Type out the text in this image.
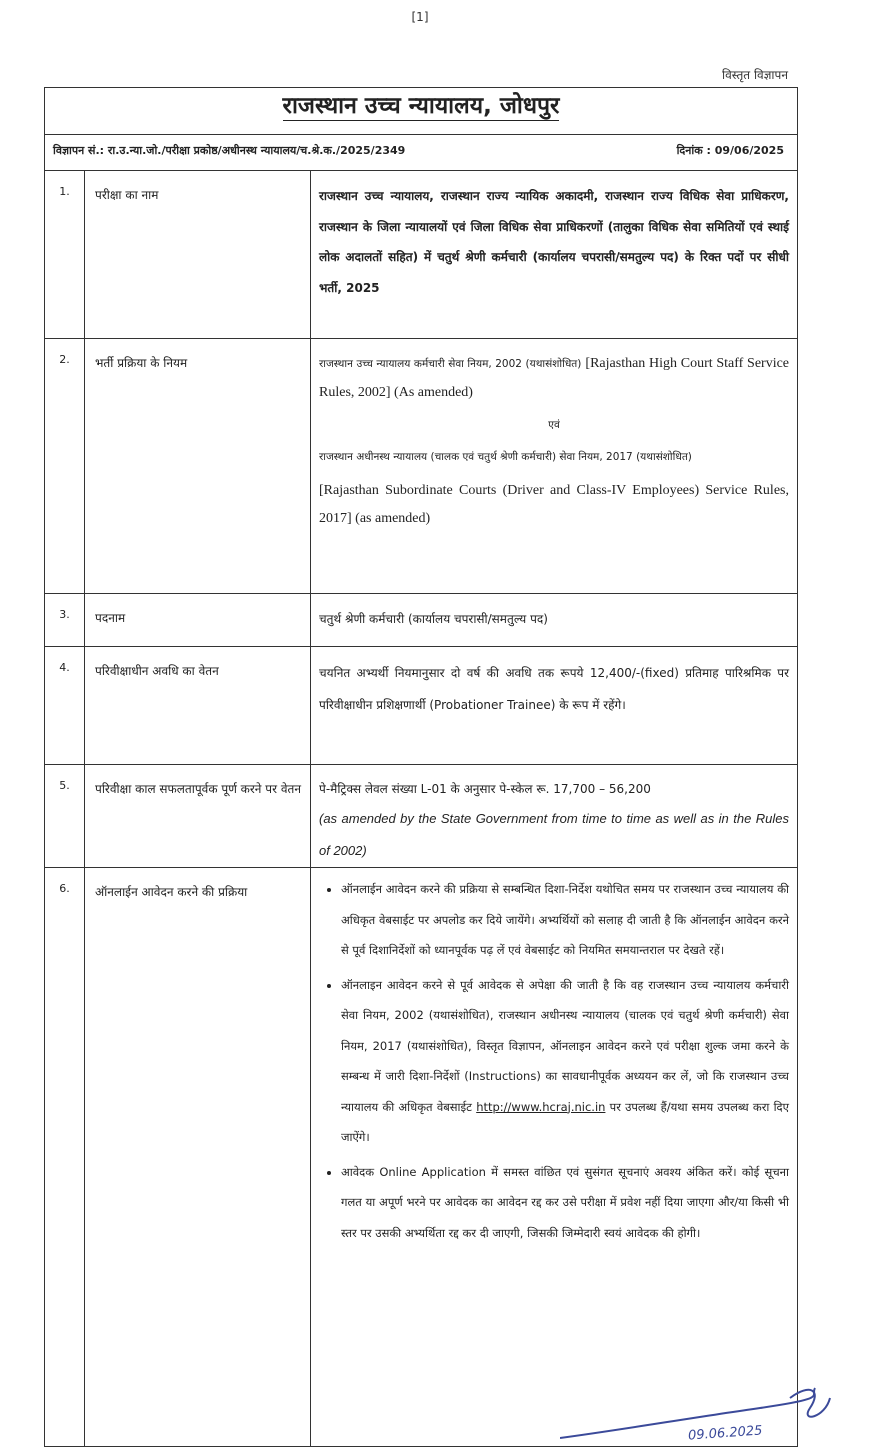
[1]
विस्तृत विज्ञापन
राजस्थान उच्च न्यायालय, जोधपुर
विज्ञापन सं.: रा.उ.न्या.जो./परीक्षा प्रकोष्ठ/अधीनस्थ न्यायालय/च.श्रे.क./2025/2349	दिनांक : 09/06/2025
1.	परीक्षा का नाम	राजस्थान उच्च न्यायालय, राजस्थान राज्य न्यायिक अकादमी, राजस्थान राज्य विधिक सेवा प्राधिकरण, राजस्थान के जिला न्यायालयों एवं जिला विधिक सेवा प्राधिकरणों (तालुका विधिक सेवा समितियों एवं स्थाई लोक अदालतों सहित) में चतुर्थ श्रेणी कर्मचारी (कार्यालय चपरासी/समतुल्य पद) के रिक्त पदों पर सीधी भर्ती, 2025
2.	भर्ती प्रक्रिया के नियम	राजस्थान उच्च न्यायालय कर्मचारी सेवा नियम, 2002 (यथासंशोधित) [Rajasthan High Court Staff Service Rules, 2002] (As amended)
एवं
राजस्थान अधीनस्थ न्यायालय (चालक एवं चतुर्थ श्रेणी कर्मचारी) सेवा नियम, 2017 (यथासंशोधित)
[Rajasthan Subordinate Courts (Driver and Class-IV Employees) Service Rules, 2017] (as amended)
3.	पदनाम	चतुर्थ श्रेणी कर्मचारी (कार्यालय चपरासी/समतुल्य पद)
4.	परिवीक्षाधीन अवधि का वेतन	चयनित अभ्यर्थी नियमानुसार दो वर्ष की अवधि तक रूपये 12,400/-(fixed) प्रतिमाह पारिश्रमिक पर परिवीक्षाधीन प्रशिक्षणार्थी (Probationer Trainee) के रूप में रहेंगे।
5.	परिवीक्षा काल सफलतापूर्वक पूर्ण करने पर वेतन	पे-मैट्रिक्स लेवल संख्या L-01 के अनुसार पे-स्केल रू. 17,700 – 56,200
(as amended by the State Government from time to time as well as in the Rules of 2002)
6.	ऑनलाईन आवेदन करने की प्रक्रिया
•	ऑनलाईन आवेदन करने की प्रक्रिया से सम्बन्धित दिशा-निर्देश यथोचित समय पर राजस्थान उच्च न्यायालय की अधिकृत वेबसाईट पर अपलोड कर दिये जायेंगे। अभ्यर्थियों को सलाह दी जाती है कि ऑनलाईन आवेदन करने से पूर्व दिशानिर्देशों को ध्यानपूर्वक पढ़ लें एवं वेबसाईट को नियमित समयान्तराल पर देखते रहें।
• ऑनलाइन आवेदन करने से पूर्व आवेदक से अपेक्षा की जाती है कि वह राजस्थान उच्च न्यायालय कर्मचारी सेवा नियम, 2002 (यथासंशोधित), राजस्थान अधीनस्थ न्यायालय (चालक एवं चतुर्थ श्रेणी कर्मचारी) सेवा नियम, 2017 (यथासंशोधित), विस्तृत विज्ञापन, ऑनलाइन आवेदन करने एवं परीक्षा शुल्क जमा करने के सम्बन्ध में जारी दिशा-निर्देशों (Instructions) का सावधानीपूर्वक अध्ययन कर लें, जो कि राजस्थान उच्च न्यायालय की अधिकृत वेबसाईट http://www.hcraj.nic.in पर उपलब्ध हैं/यथा समय उपलब्ध करा दिए जाऐंगे।
• आवेदक Online Application में समस्त वांछित एवं सुसंगत सूचनाएं अवश्य अंकित करें। कोई सूचना गलत या अपूर्ण भरने पर आवेदक का आवेदन रद्द कर उसे परीक्षा में प्रवेश नहीं दिया जाएगा और/या किसी भी स्तर पर उसकी अभ्यर्थिता रद्द कर दी जाएगी, जिसकी जिम्मेदारी स्वयं आवेदक की होगी।
09.06.2025
